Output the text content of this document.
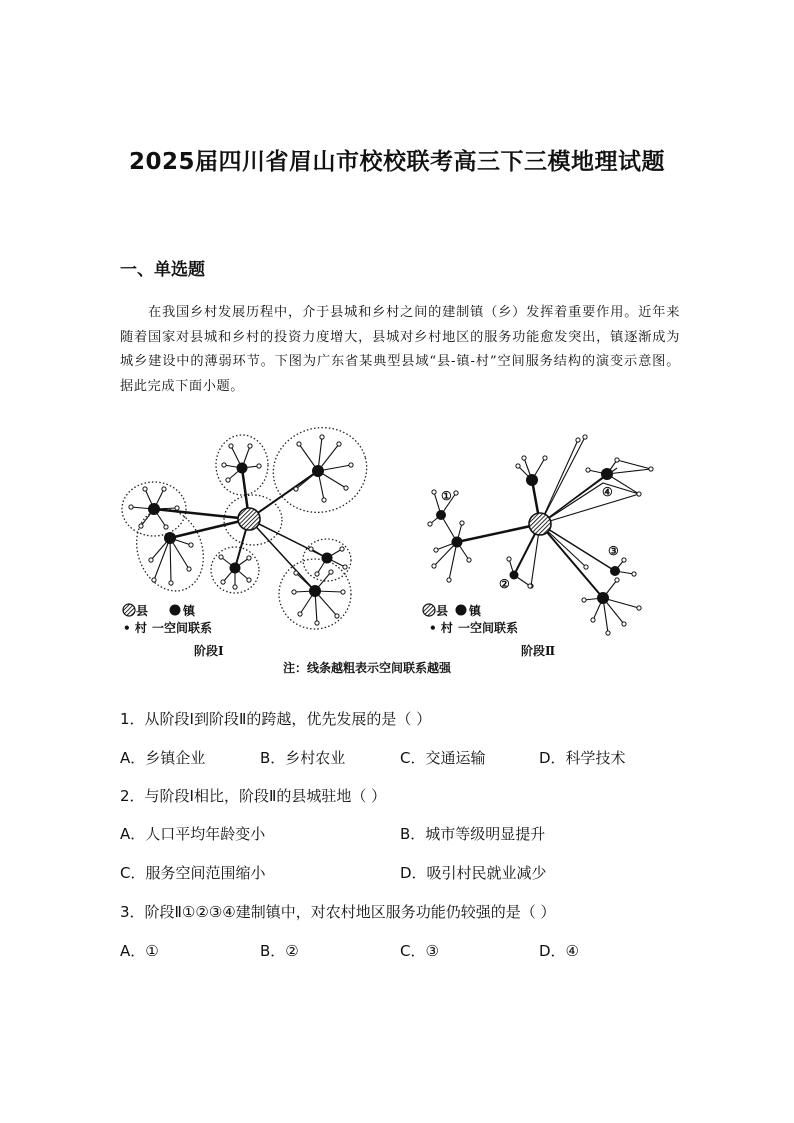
2025届四川省眉山市校校联考高三下三模地理试题
一、单选题
在我国乡村发展历程中，介于县城和乡村之间的建制镇（乡）发挥着重要作用。近年来随着国家对县城和乡村的投资力度增大，县城对乡村地区的服务功能愈发突出，镇逐渐成为城乡建设中的薄弱环节。下图为广东省某典型县域“县-镇-村”空间服务结构的演变示意图。据此完成下面小题。
①
②
③
④
县	镇
• 村 一空间联系
阶段Ⅰ
县 镇
• 村 一空间联系
阶段Ⅱ
注：线条越粗表示空间联系越强
1．从阶段Ⅰ到阶段Ⅱ的跨越，优先发展的是（ ）
A．乡镇企业	B．乡村农业	C．交通运输	D．科学技术
2．与阶段Ⅰ相比，阶段Ⅱ的县城驻地（ ）
A．人口平均年龄变小	B．城市等级明显提升
C．服务空间范围缩小	D．吸引村民就业减少
3．阶段Ⅱ①②③④建制镇中，对农村地区服务功能仍较强的是（ ）
A．①	B．②	C．③	D．④
